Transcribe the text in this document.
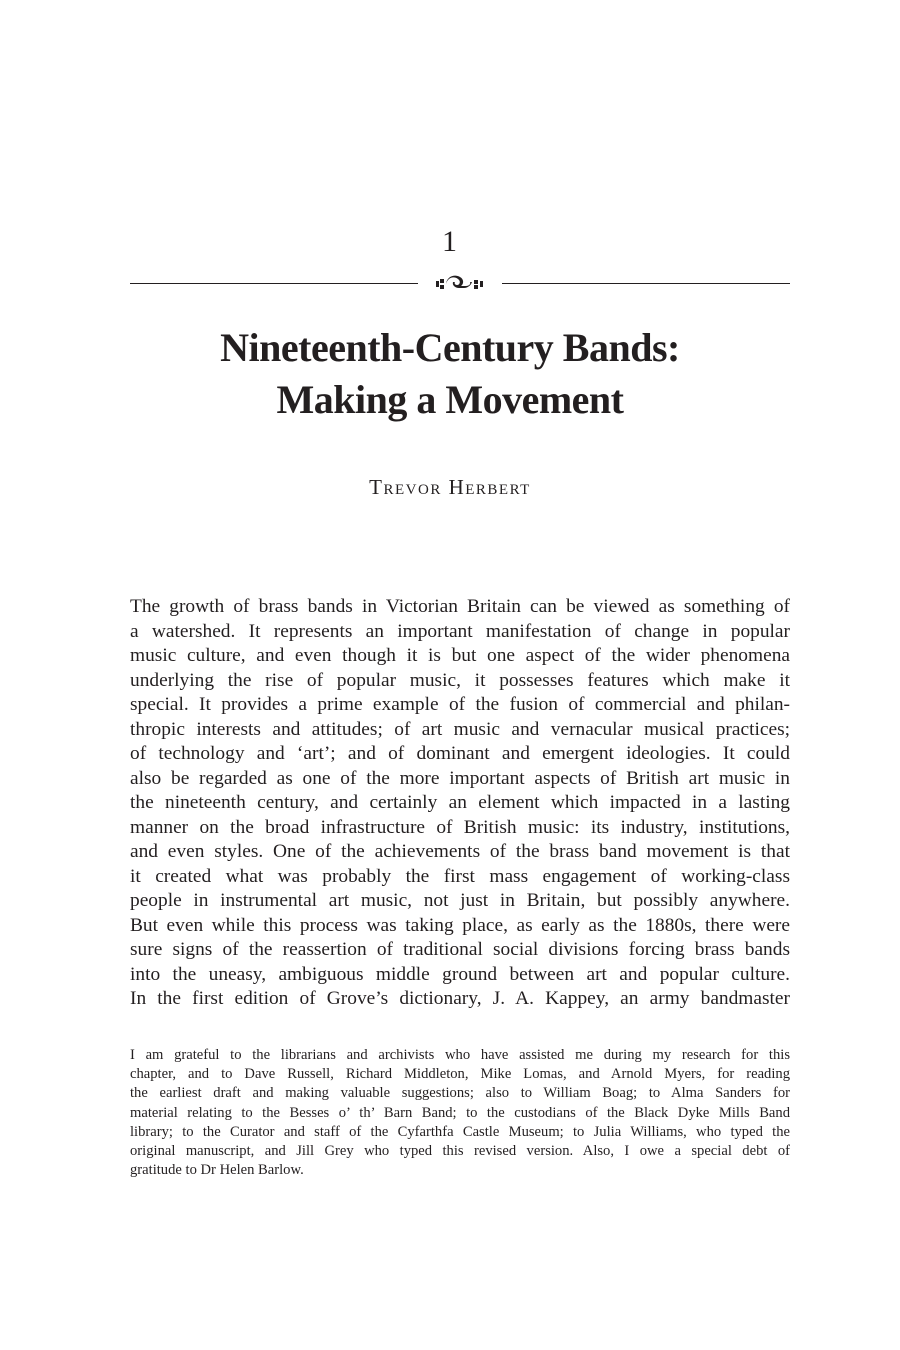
1
Nineteenth-Century Bands:
Making a Movement
Trevor Herbert
The growth of brass bands in Victorian Britain can be viewed as something of
a watershed. It represents an important manifestation of change in popular
music culture, and even though it is but one aspect of the wider phenomena
underlying the rise of popular music, it possesses features which make it
special. It provides a prime example of the fusion of commercial and philan-
thropic interests and attitudes; of art music and vernacular musical practices;
of technology and ‘art’; and of dominant and emergent ideologies. It could
also be regarded as one of the more important aspects of British art music in
the nineteenth century, and certainly an element which impacted in a lasting
manner on the broad infrastructure of British music: its industry, institutions,
and even styles. One of the achievements of the brass band movement is that
it created what was probably the first mass engagement of working-class
people in instrumental art music, not just in Britain, but possibly anywhere.
But even while this process was taking place, as early as the 1880s, there were
sure signs of the reassertion of traditional social divisions forcing brass bands
into the uneasy, ambiguous middle ground between art and popular culture.
In the first edition of Grove’s dictionary, J. A. Kappey, an army bandmaster
I am grateful to the librarians and archivists who have assisted me during my research for this
chapter, and to Dave Russell, Richard Middleton, Mike Lomas, and Arnold Myers, for reading
the earliest draft and making valuable suggestions; also to William Boag; to Alma Sanders for
material relating to the Besses o’ th’ Barn Band; to the custodians of the Black Dyke Mills Band
library; to the Curator and staff of the Cyfarthfa Castle Museum; to Julia Williams, who typed the
original manuscript, and Jill Grey who typed this revised version. Also, I owe a special debt of
gratitude to Dr Helen Barlow.
